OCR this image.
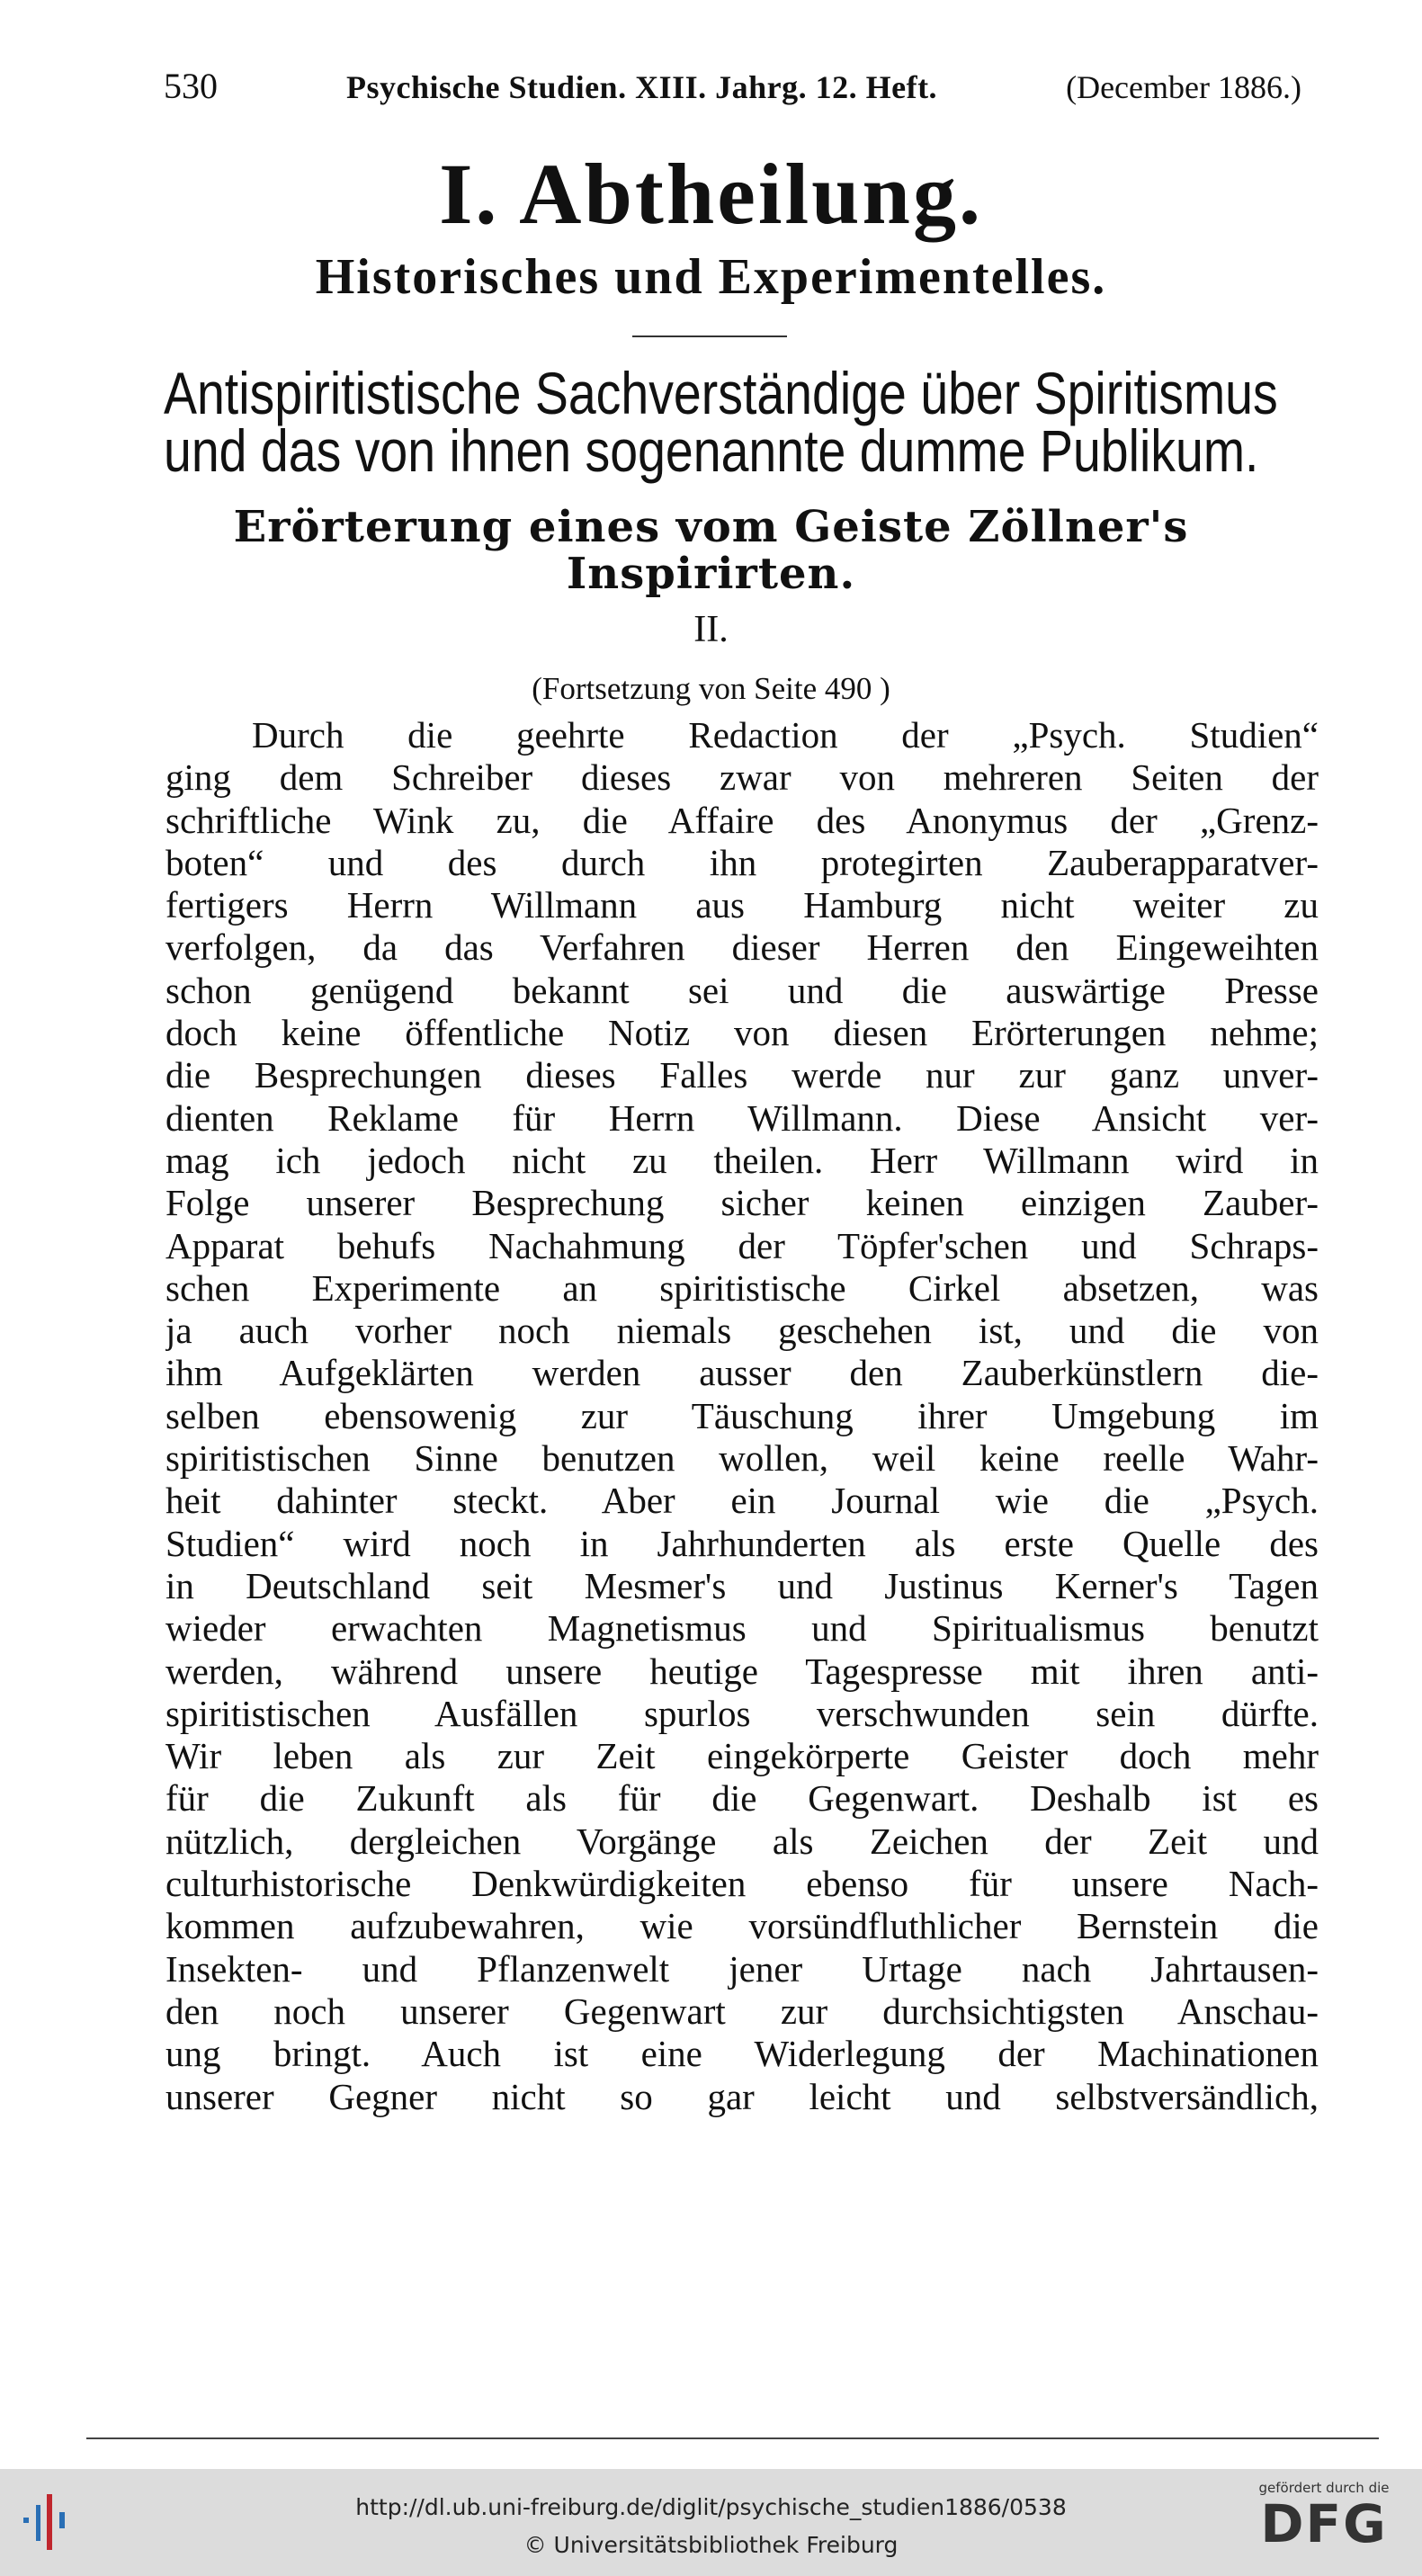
530	Psychische Studien. XIII. Jahrg. 12. Heft.	(December 1886.)
I. Abtheilung.
Historisches und Experimentelles.
Antispiritistische Sachverständige über Spiritismus
und das von ihnen sogenannte dumme Publikum.
Erörterung eines vom Geiste Zöllner's
Inspirirten.
II.
(Fortsetzung von Seite 490 )
Durch die geehrte Redaction der „Psych. Studien“
ging dem Schreiber dieses zwar von mehreren Seiten der
schriftliche Wink zu, die Affaire des Anonymus der „Grenz-
boten“ und des durch ihn protegirten Zauberapparatver-
fertigers Herrn Willmann aus Hamburg nicht weiter zu
verfolgen, da das Verfahren dieser Herren den Eingeweihten
schon genügend bekannt sei und die auswärtige Presse
doch keine öffentliche Notiz von diesen Erörterungen nehme;
die Besprechungen dieses Falles werde nur zur ganz unver-
dienten Reklame für Herrn Willmann. Diese Ansicht ver-
mag ich jedoch nicht zu theilen. Herr Willmann wird in
Folge unserer Besprechung sicher keinen einzigen Zauber-
Apparat behufs Nachahmung der Töpfer'schen und Schraps-
schen Experimente an spiritistische Cirkel absetzen, was
ja auch vorher noch niemals geschehen ist, und die von
ihm Aufgeklärten werden ausser den Zauberkünstlern die-
selben ebensowenig zur Täuschung ihrer Umgebung im
spiritistischen Sinne benutzen wollen, weil keine reelle Wahr-
heit dahinter steckt. Aber ein Journal wie die „Psych.
Studien“ wird noch in Jahrhunderten als erste Quelle des
in Deutschland seit Mesmer's und Justinus Kerner's Tagen
wieder erwachten Magnetismus und Spiritualismus benutzt
werden, während unsere heutige Tagespresse mit ihren anti-
spiritistischen Ausfällen spurlos verschwunden sein dürfte.
Wir leben als zur Zeit eingekörperte Geister doch mehr
für die Zukunft als für die Gegenwart. Deshalb ist es
nützlich, dergleichen Vorgänge als Zeichen der Zeit und
culturhistorische Denkwürdigkeiten ebenso für unsere Nach-
kommen aufzubewahren, wie vorsündfluthlicher Bernstein die
Insekten- und Pflanzenwelt jener Urtage nach Jahrtausen-
den noch unserer Gegenwart zur durchsichtigsten Anschau-
ung bringt. Auch ist eine Widerlegung der Machinationen
unserer Gegner nicht so gar leicht und selbstversändlich,
http://dl.ub.uni-freiburg.de/diglit/psychische_studien1886/0538
© Universitätsbibliothek Freiburg
gefördert durch die
DFG
